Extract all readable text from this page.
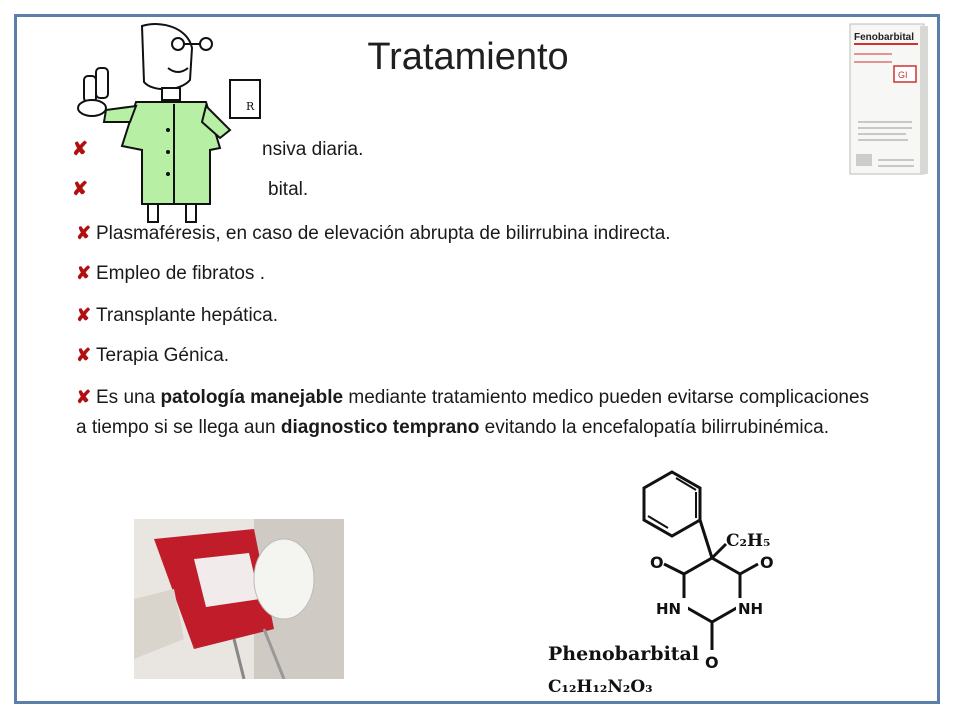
Tratamiento
R
✘	nsiva diaria.
✘	bital.
✘ Plasmaféresis, en caso de elevación abrupta de bilirrubina indirecta.
✘ Empleo de fibratos .
✘ Transplante hepática.
✘ Terapia Génica.
✘ Es una patología manejable mediante tratamiento medico pueden evitarse complicaciones a tiempo si se llega aun diagnostico temprano evitando la encefalopatía bilirrubinémica.
Fenobarbital
GI
C₂H₅
O	O
O
HN	NH
Phenobarbital
C₁₂H₁₂N₂O₃
